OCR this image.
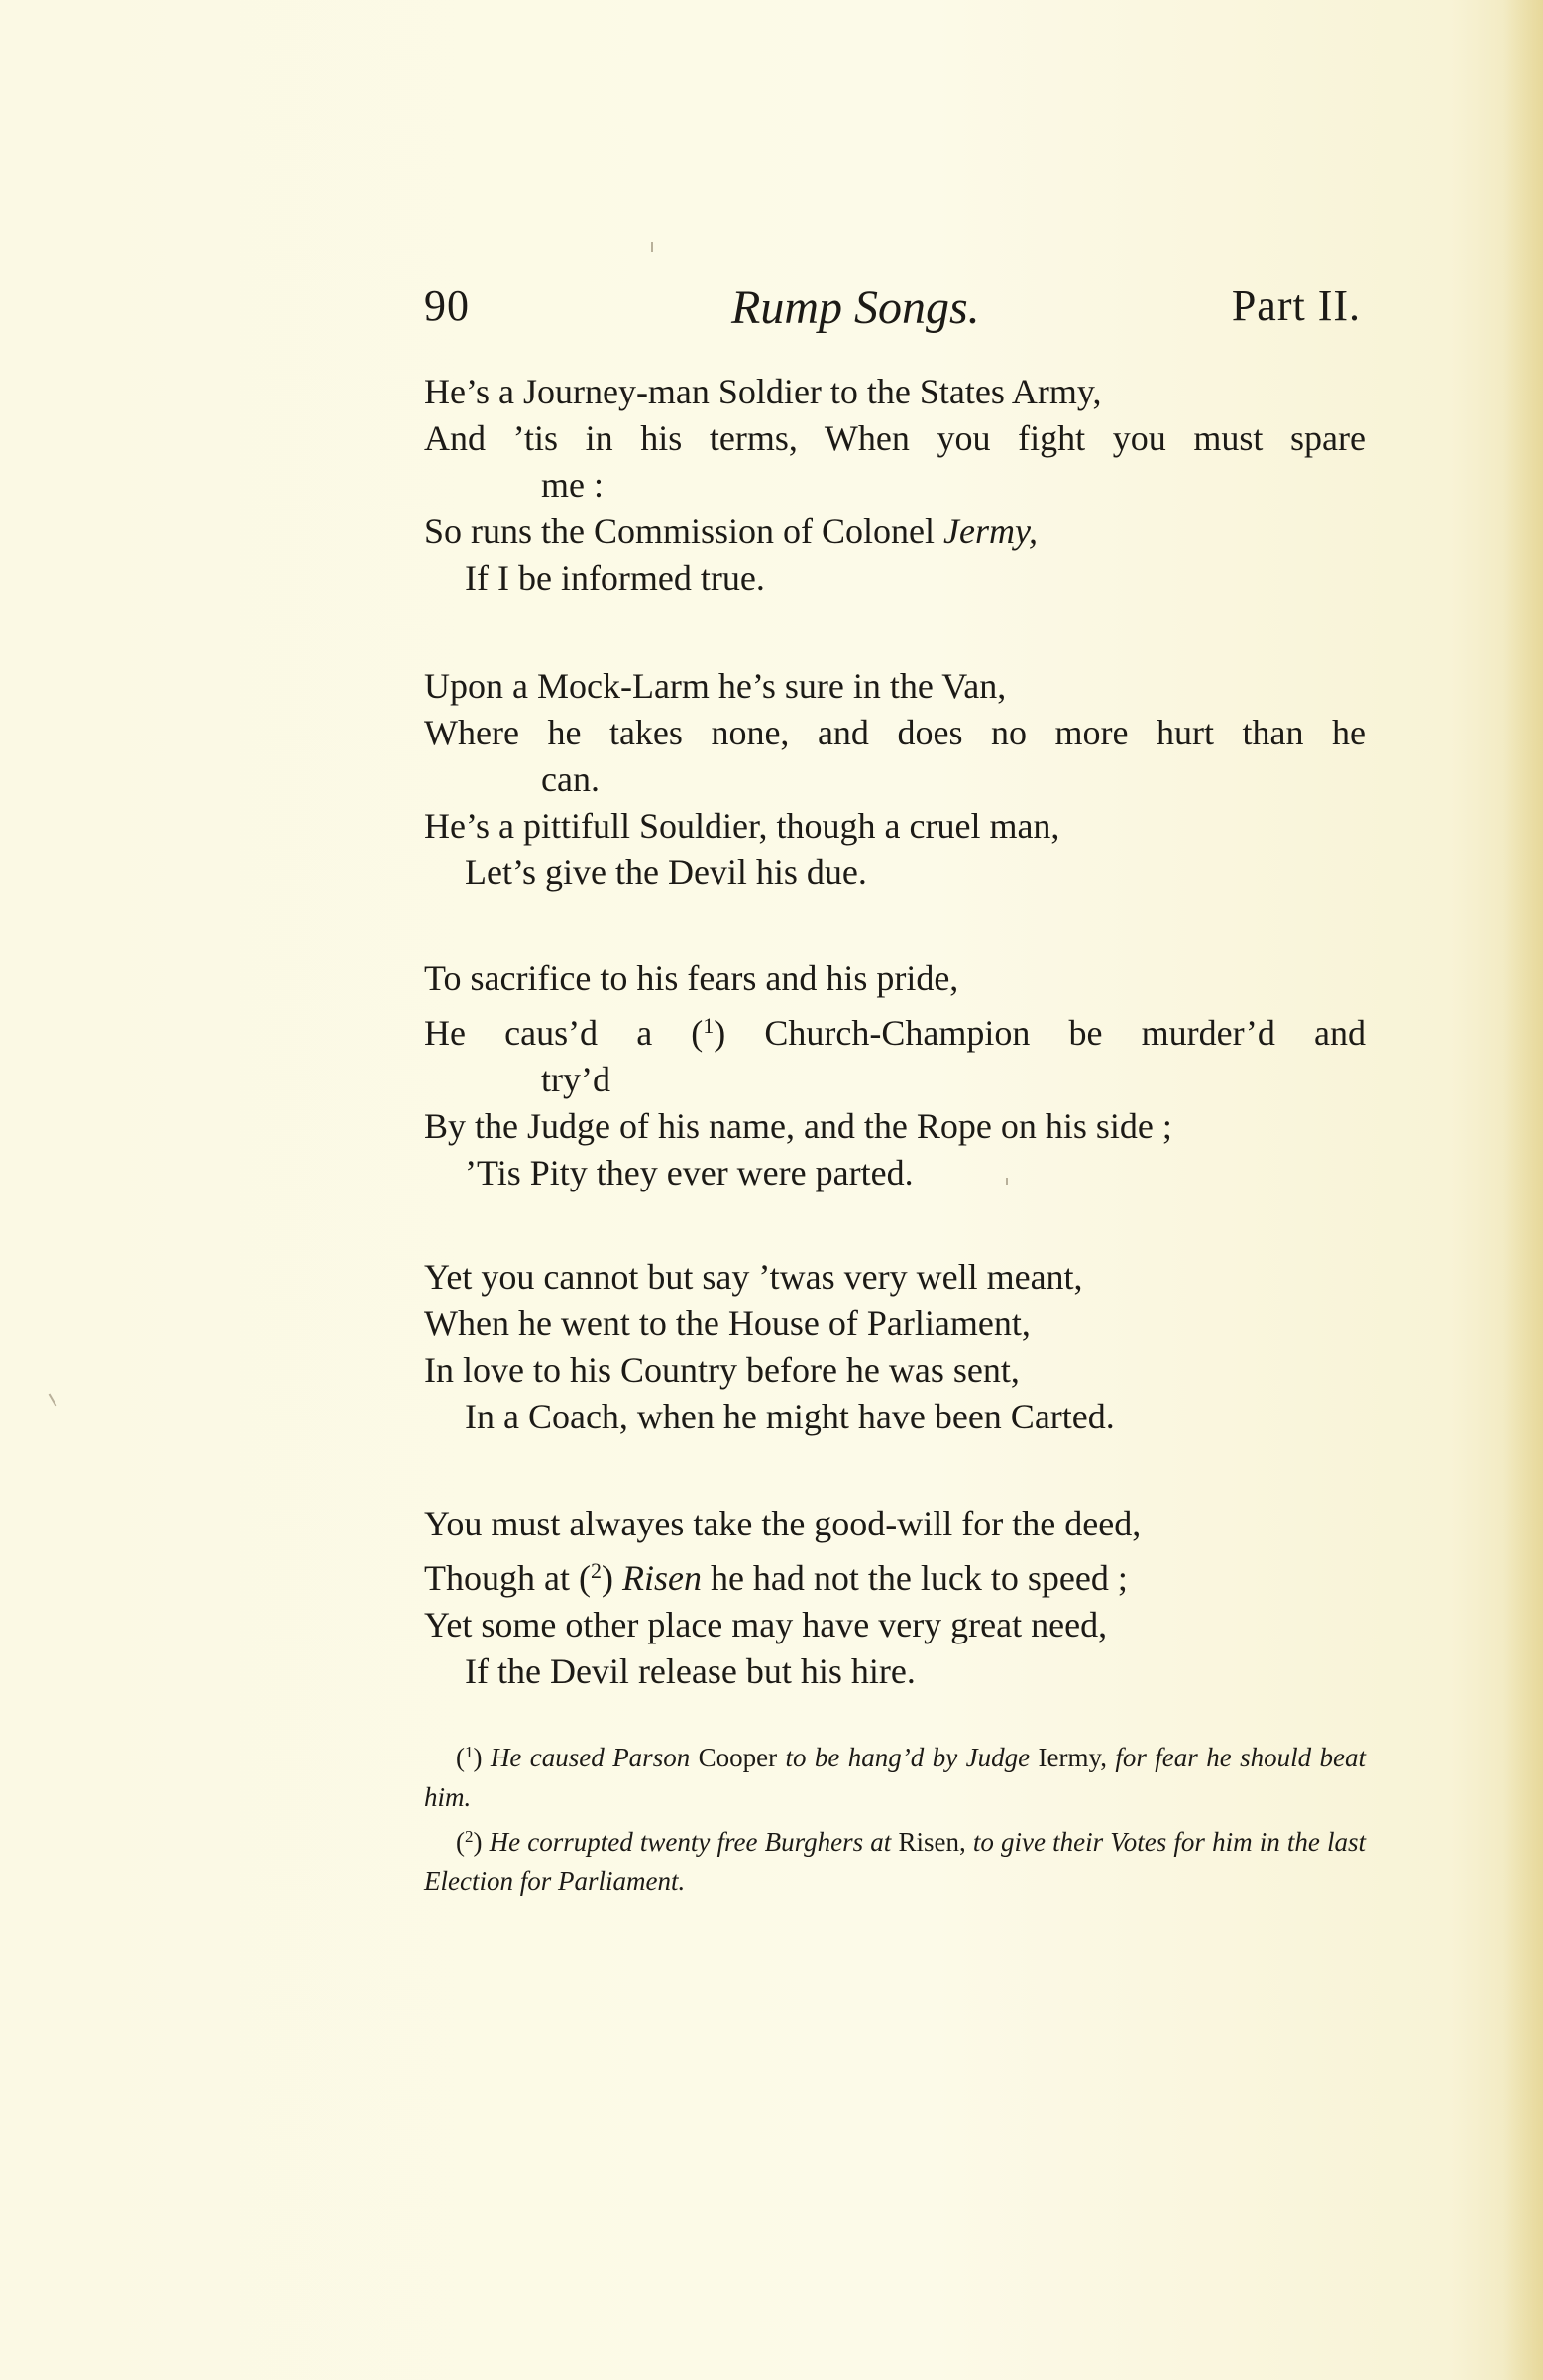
90	Rump Songs.	Part II.
He’s a Journey-man Soldier to the States Army,
And ’tis in his terms, When you fight you must spare
me :
So runs the Commission of Colonel Jermy,
If I be informed true.
Upon a Mock-Larm he’s sure in the Van,
Where he takes none, and does no more hurt than he
can.
He’s a pittifull Souldier, though a cruel man,
Let’s give the Devil his due.
To sacrifice to his fears and his pride,
He caus’d a ($^1$) Church-Champion be murder’d and
try’d
By the Judge of his name, and the Rope on his side ;
’Tis Pity they ever were parted.
Yet you cannot but say ’twas very well meant,
When he went to the House of Parliament,
In love to his Country before he was sent,
In a Coach, when he might have been Carted.
You must alwayes take the good-will for the deed,
Though at ($^2$) Risen he had not the luck to speed ;
Yet some other place may have very great need,
If the Devil release but his hire.
($^1$) He caused Parson Cooper to be hang’d by Judge Iermy, for fear he should beat him.
($^2$) He corrupted twenty free Burghers at Risen, to give their Votes for him in the last Election for Parliament.
